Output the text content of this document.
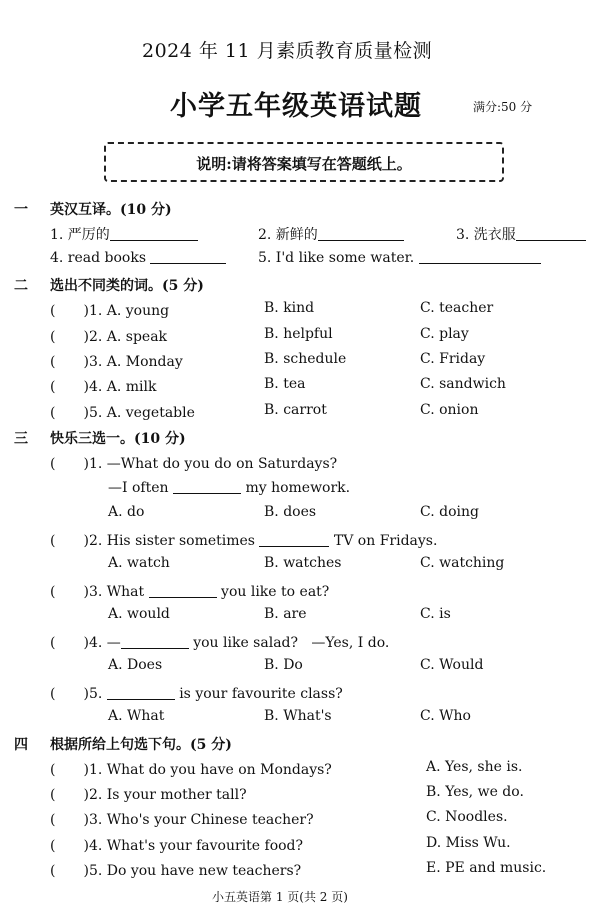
2024 年 11 月素质教育质量检测
小学五年级英语试题	满分:50 分
说明:请将答案填写在答题纸上。
一 英汉互译。(10 分)
1. 严厉的	2. 新鲜的	3. 洗衣服
4. read books	5. I'd like some water.
二 选出不同类的词。(5 分)
(　　)1. A. young	B. kind	C. teacher
(　　)2. A. speak	B. helpful	C. play
(　　)3. A. Monday	B. schedule	C. Friday
(　　)4. A. milk	B. tea	C. sandwich
(　　)5. A. vegetable	B. carrot	C. onion
三 快乐三选一。(10 分)
(　　)1. —What do you do on Saturdays?
—I often	my homework.
A. do	B. does	C. doing
(　　)2. His sister sometimes	TV on Fridays.
A. watch	B. watches	C. watching
(　　)3. What	you like to eat?
A. would	B. are	C. is
(　　)4. —	you like salad? —Yes, I do.
A. Does	B. Do	C. Would
(　　)5.	is your favourite class?
A. What	B. What's	C. Who
四 根据所给上句选下句。(5 分)
(　　)1. What do you have on Mondays?	A. Yes, she is.
(　　)2. Is your mother tall?	B. Yes, we do.
(　　)3. Who's your Chinese teacher?	C. Noodles.
(　　)4. What's your favourite food?	D. Miss Wu.
(　　)5. Do you have new teachers?	E. PE and music.
小五英语第 1 页(共 2 页)
